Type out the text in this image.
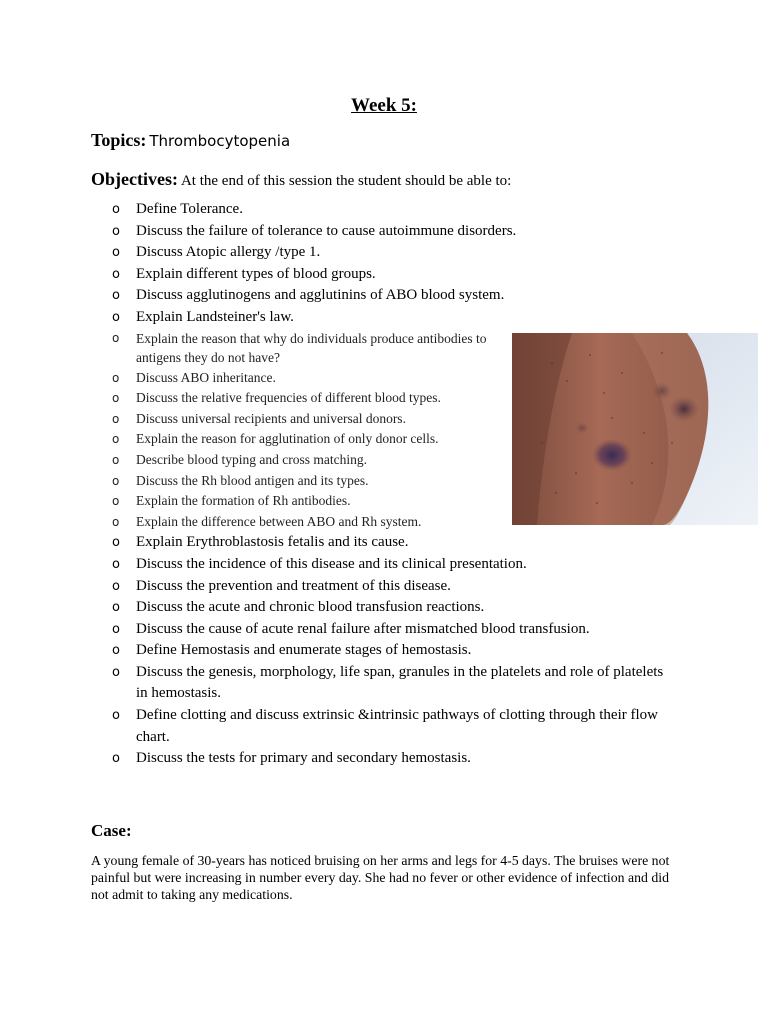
Week 5:
Topics: Thrombocytopenia
Objectives: At the end of this session the student should be able to:
o Define Tolerance.
o Discuss the failure of tolerance to cause autoimmune disorders.
o Discuss Atopic allergy /type 1.
o Explain different types of blood groups.
o Discuss agglutinogens and agglutinins of ABO blood system.
o Explain Landsteiner's law.
o Explain the reason that why do individuals produce antibodies to antigens they do not have?
o Discuss ABO inheritance.
o Discuss the relative frequencies of different blood types.
o Discuss universal recipients and universal donors.
o Explain the reason for agglutination of only donor cells.
o Describe blood typing and cross matching.
o Discuss the Rh blood antigen and its types.
o Explain the formation of Rh antibodies.
o Explain the difference between ABO and Rh system.
o Explain Erythroblastosis fetalis and its cause.
o Discuss the incidence of this disease and its clinical presentation.
o Discuss the prevention and treatment of this disease.
o Discuss the acute and chronic blood transfusion reactions.
o Discuss the cause of acute renal failure after mismatched blood transfusion.
o Define Hemostasis and enumerate stages of hemostasis.
o Discuss the genesis, morphology, life span, granules in the platelets and role of platelets in hemostasis.
o Define clotting and discuss extrinsic &intrinsic pathways of clotting through their flow chart.
o Discuss the tests for primary and secondary hemostasis.
Case:
A young female of 30-years has noticed bruising on her arms and legs for 4-5 days. The bruises were not painful but were increasing in number every day. She had no fever or other evidence of infection and did not admit to taking any medications.
